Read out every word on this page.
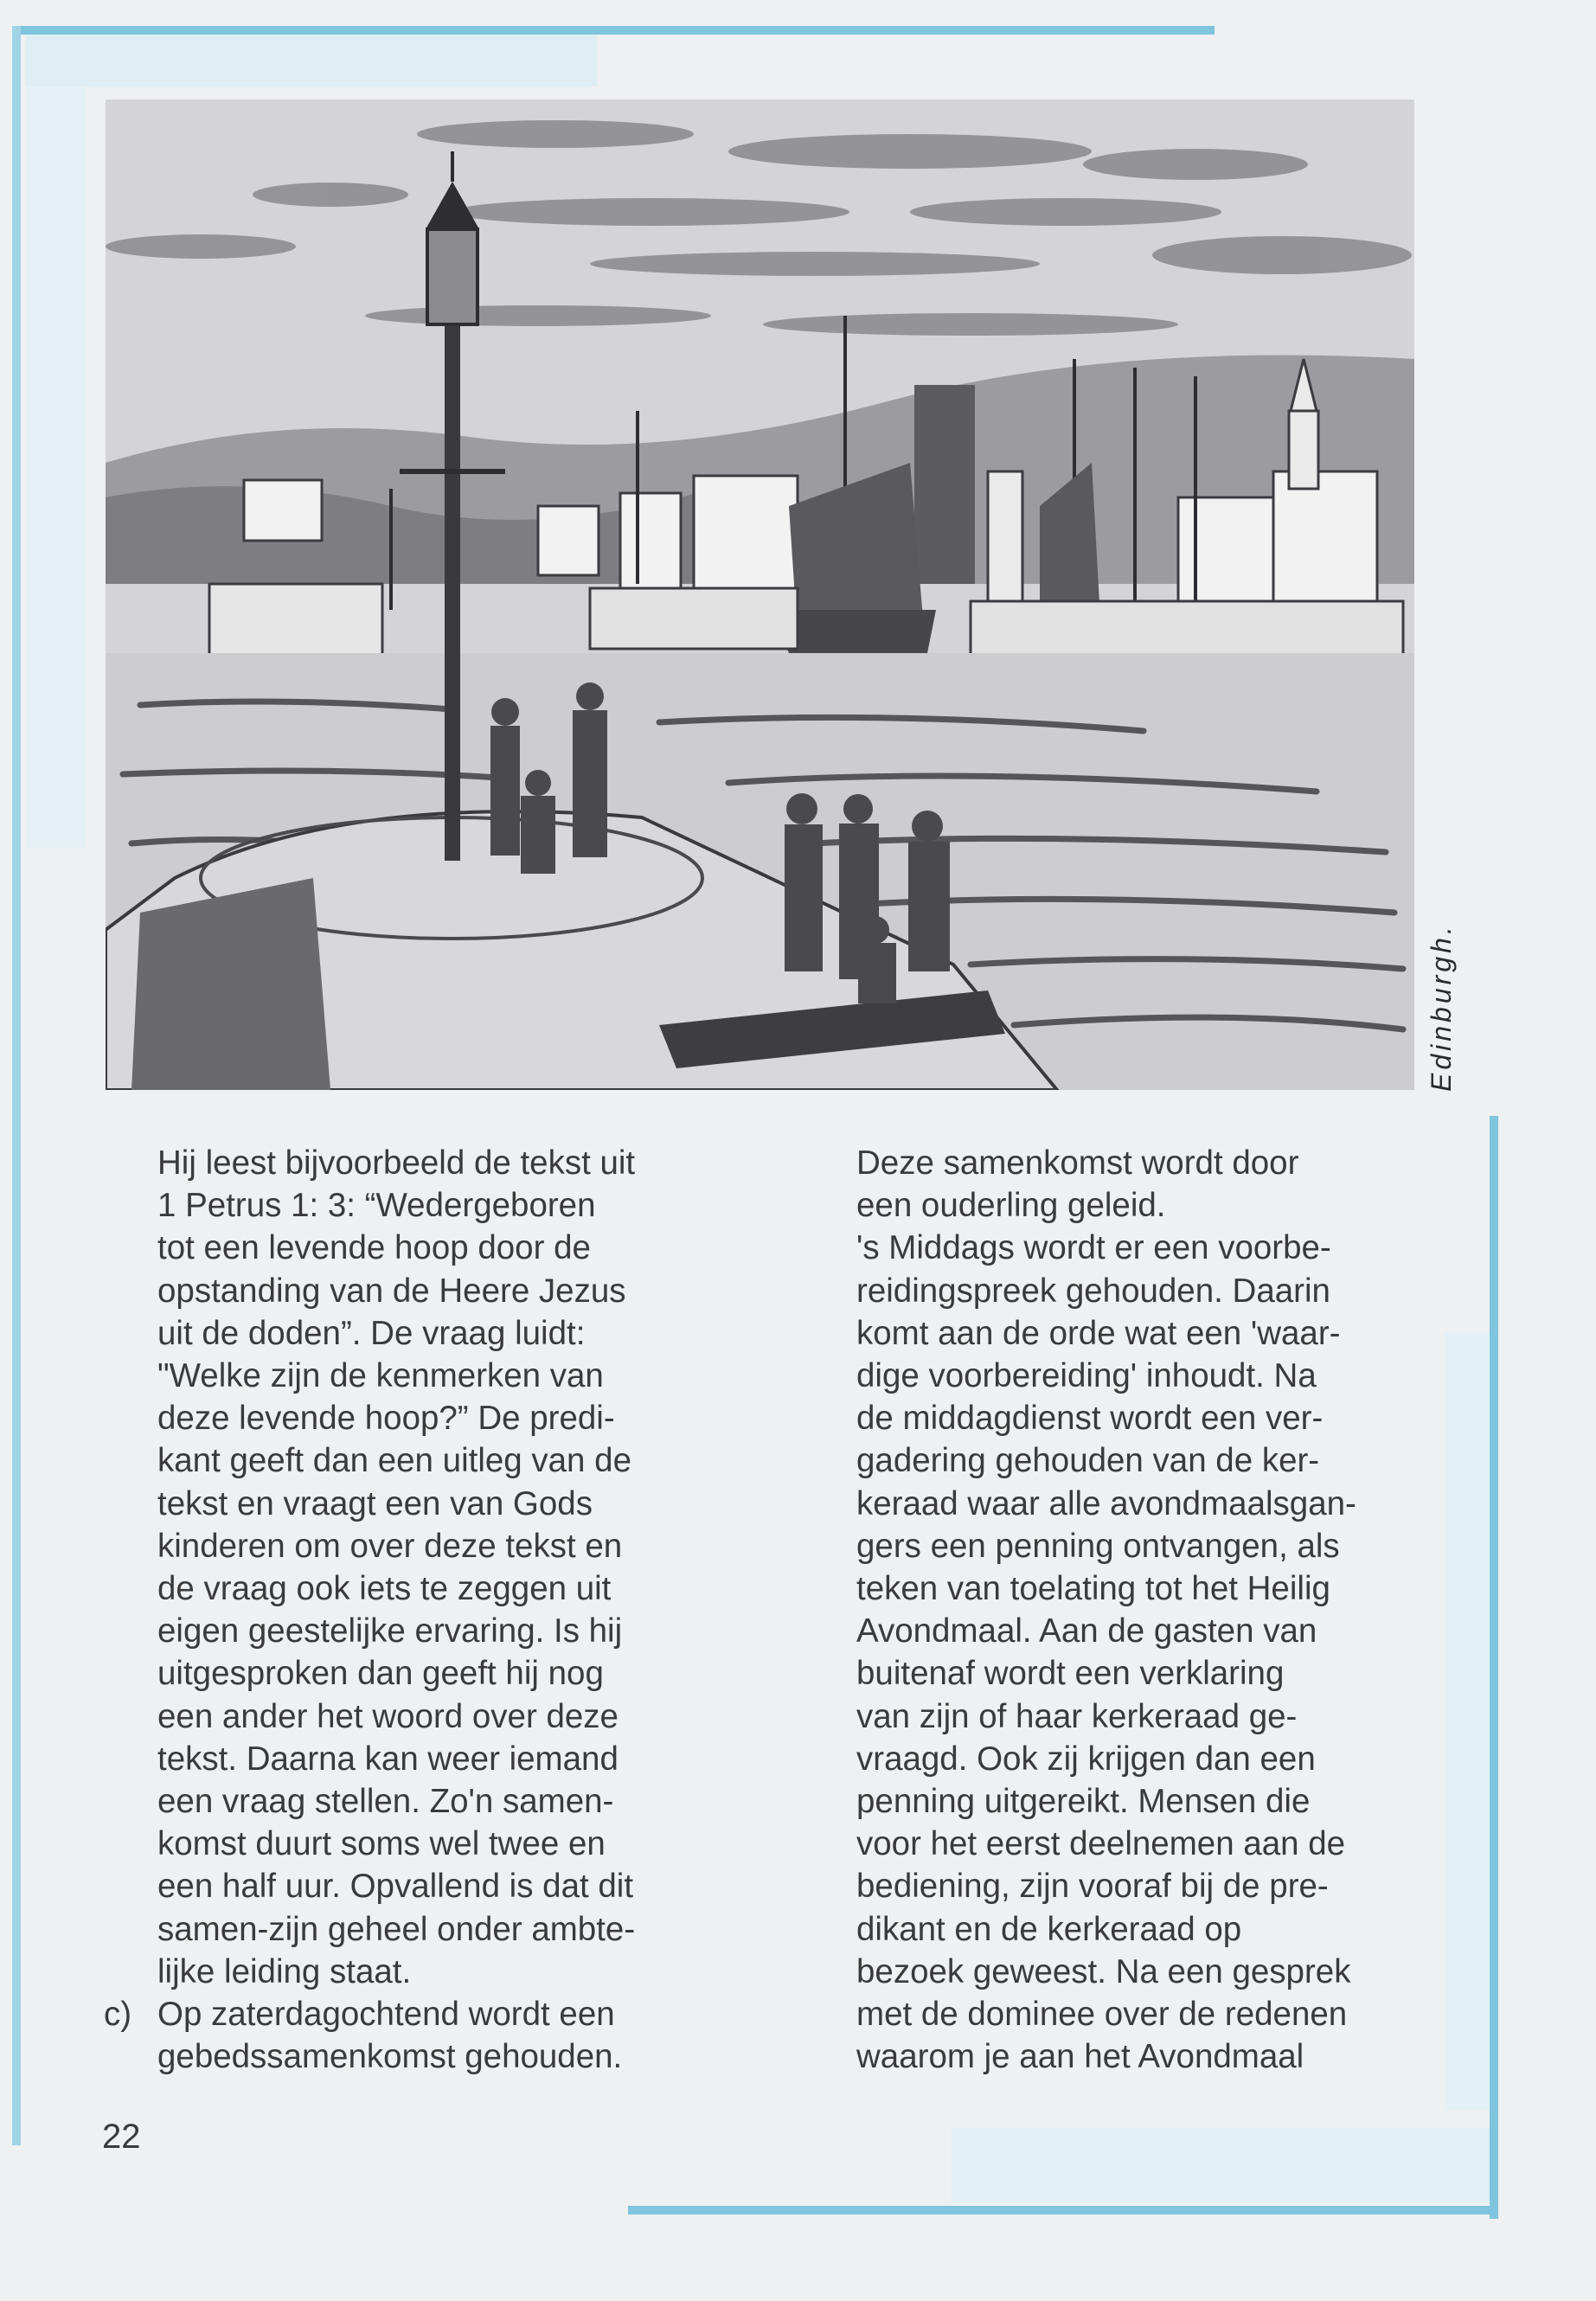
Edinburgh.
Hij leest bijvoorbeeld de tekst uit
1 Petrus 1: 3: “Wedergeboren
tot een levende hoop door de
opstanding van de Heere Jezus
uit de doden”. De vraag luidt:
"Welke zijn de kenmerken van
deze levende hoop?” De predi-
kant geeft dan een uitleg van de
tekst en vraagt een van Gods
kinderen om over deze tekst en
de vraag ook iets te zeggen uit
eigen geestelijke ervaring. Is hij
uitgesproken dan geeft hij nog
een ander het woord over deze
tekst. Daarna kan weer iemand
een vraag stellen. Zo'n samen-
komst duurt soms wel twee en
een half uur. Opvallend is dat dit
samen-zijn geheel onder ambte-
lijke leiding staat.
c) Op zaterdagochtend wordt een
gebedssamenkomst gehouden.
Deze samenkomst wordt door
een ouderling geleid.
's Middags wordt er een voorbe-
reidingspreek gehouden. Daarin
komt aan de orde wat een 'waar-
dige voorbereiding' inhoudt. Na
de middagdienst wordt een ver-
gadering gehouden van de ker-
keraad waar alle avondmaalsgan-
gers een penning ontvangen, als
teken van toelating tot het Heilig
Avondmaal. Aan de gasten van
buitenaf wordt een verklaring
van zijn of haar kerkeraad ge-
vraagd. Ook zij krijgen dan een
penning uitgereikt. Mensen die
voor het eerst deelnemen aan de
bediening, zijn vooraf bij de pre-
dikant en de kerkeraad op
bezoek geweest. Na een gesprek
met de dominee over de redenen
waarom je aan het Avondmaal
22
